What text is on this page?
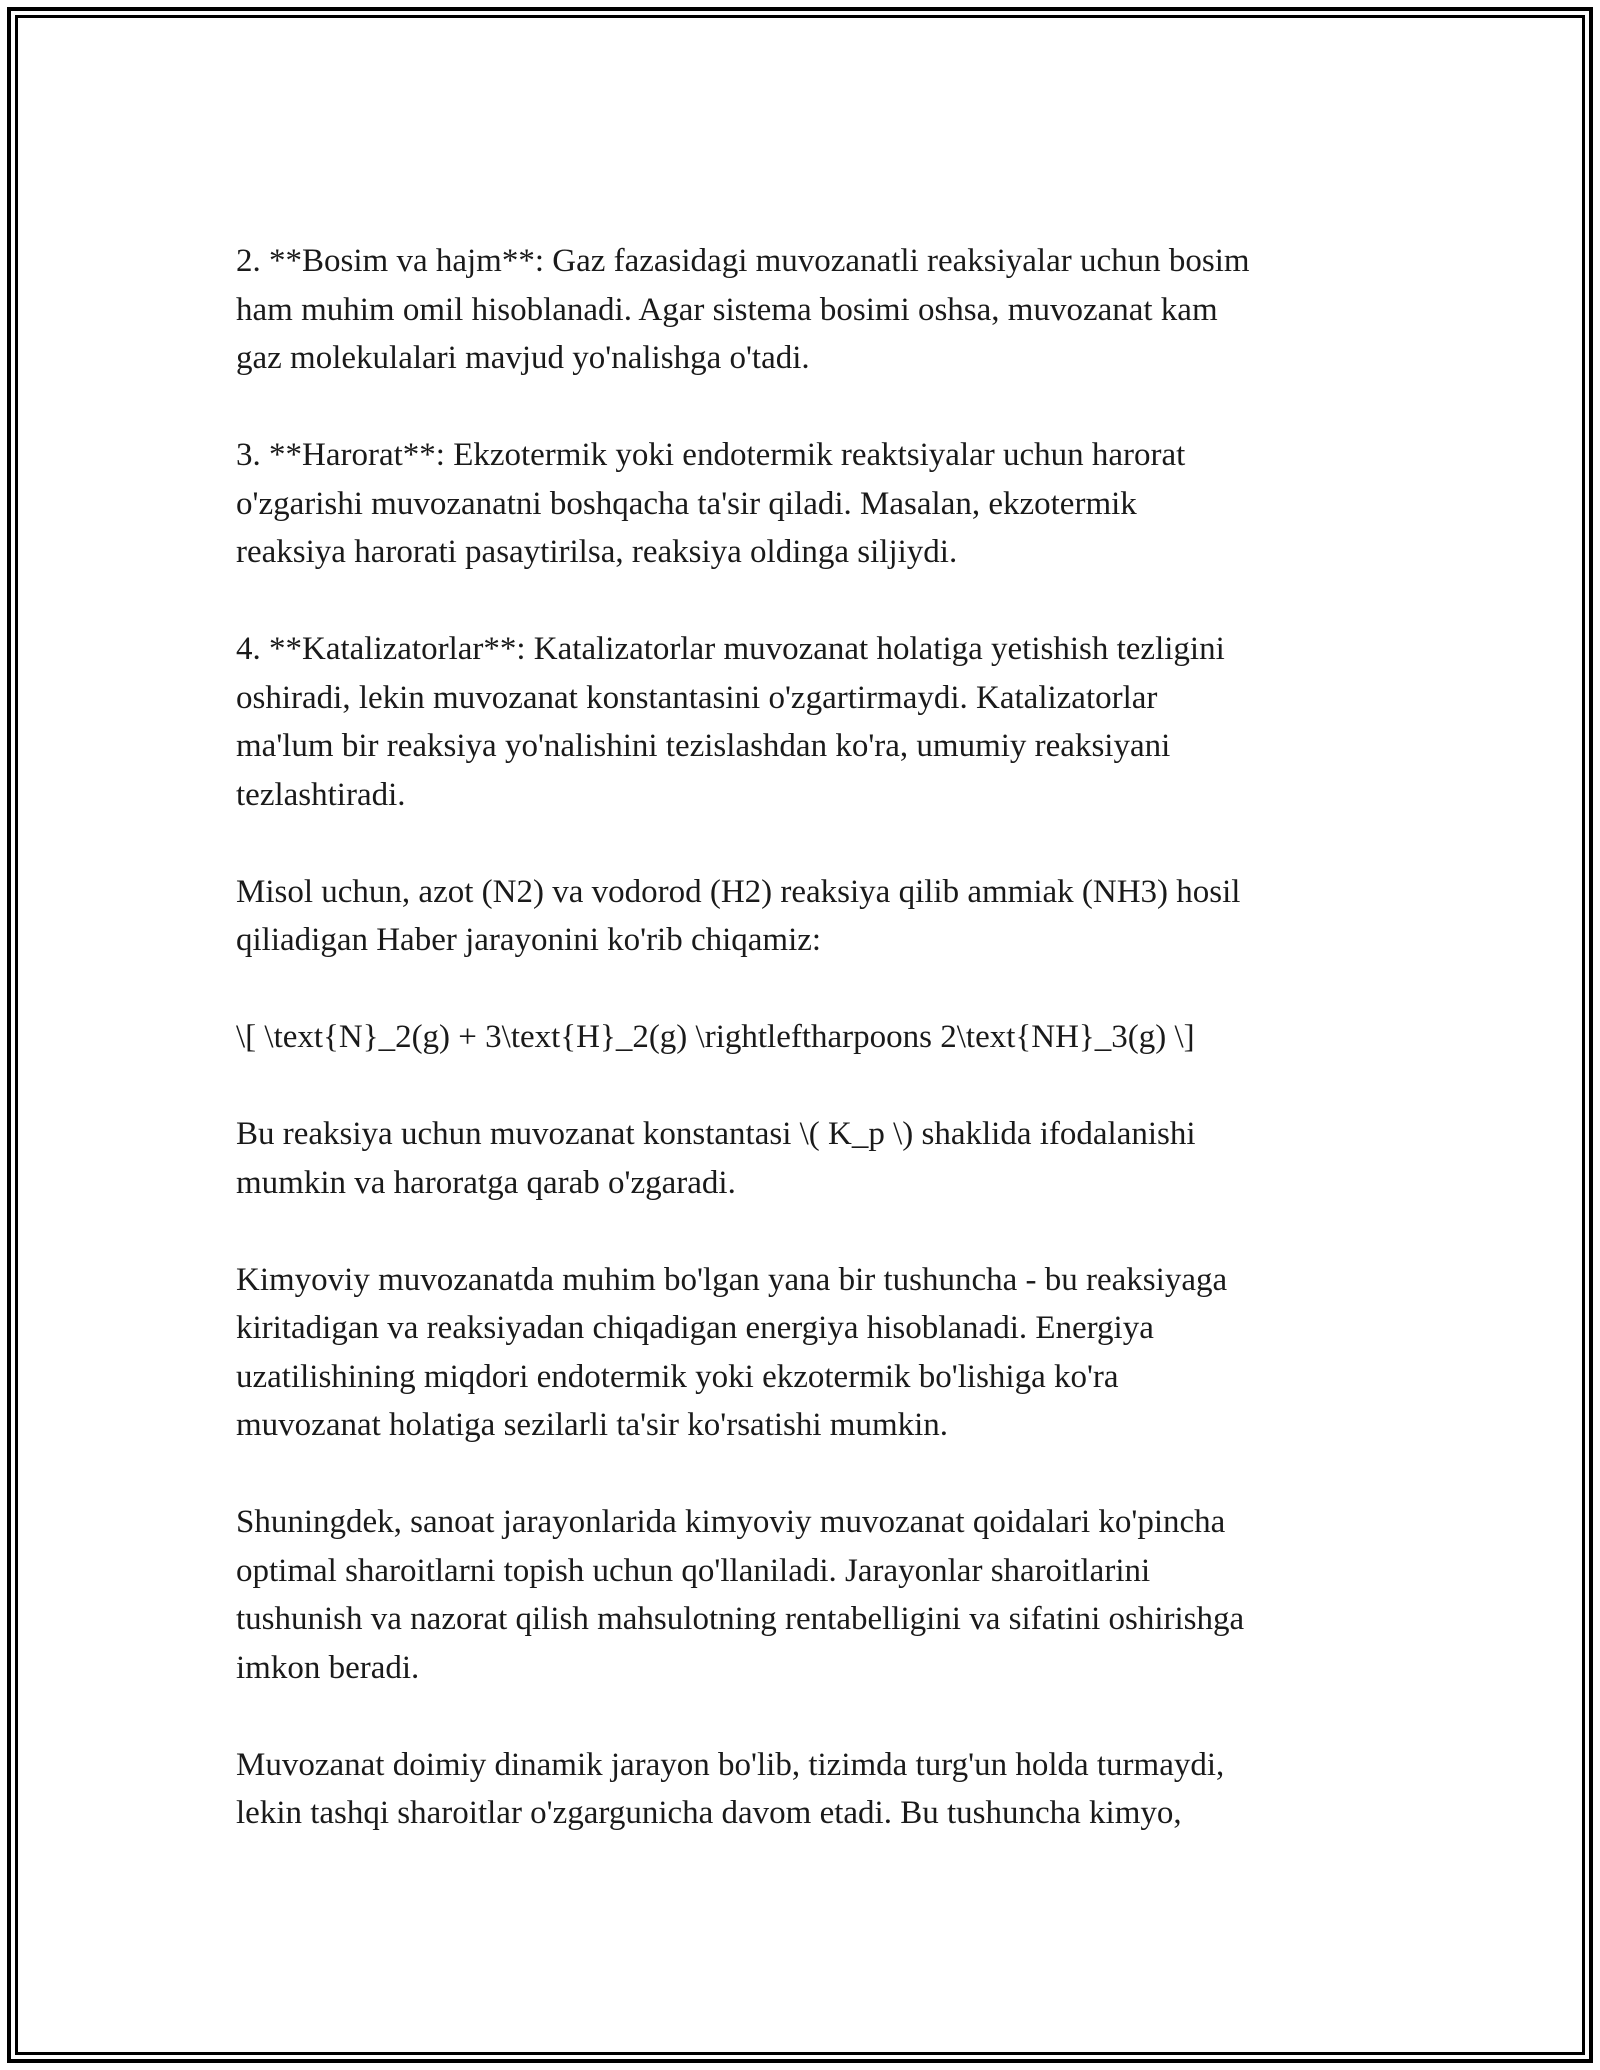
2. **Bosim va hajm**: Gaz fazasidagi muvozanatli reaksiyalar uchun bosim
ham muhim omil hisoblanadi. Agar sistema bosimi oshsa, muvozanat kam
gaz molekulalari mavjud yo'nalishga o'tadi.

3. **Harorat**: Ekzotermik yoki endotermik reaktsiyalar uchun harorat
o'zgarishi muvozanatni boshqacha ta'sir qiladi. Masalan, ekzotermik
reaksiya harorati pasaytirilsa, reaksiya oldinga siljiydi.

4. **Katalizatorlar**: Katalizatorlar muvozanat holatiga yetishish tezligini
oshiradi, lekin muvozanat konstantasini o'zgartirmaydi. Katalizatorlar
ma'lum bir reaksiya yo'nalishini tezislashdan ko'ra, umumiy reaksiyani
tezlashtiradi.

Misol uchun, azot (N2) va vodorod (H2) reaksiya qilib ammiak (NH3) hosil
qiliadigan Haber jarayonini ko'rib chiqamiz:

\[ \text{N}_2(g) + 3\text{H}_2(g) \rightleftharpoons 2\text{NH}_3(g) \]

Bu reaksiya uchun muvozanat konstantasi \( K_p \) shaklida ifodalanishi
mumkin va haroratga qarab o'zgaradi.

Kimyoviy muvozanatda muhim bo'lgan yana bir tushuncha - bu reaksiyaga
kiritadigan va reaksiyadan chiqadigan energiya hisoblanadi. Energiya
uzatilishining miqdori endotermik yoki ekzotermik bo'lishiga ko'ra
muvozanat holatiga sezilarli ta'sir ko'rsatishi mumkin.

Shuningdek, sanoat jarayonlarida kimyoviy muvozanat qoidalari ko'pincha
optimal sharoitlarni topish uchun qo'llaniladi. Jarayonlar sharoitlarini
tushunish va nazorat qilish mahsulotning rentabelligini va sifatini oshirishga
imkon beradi.

Muvozanat doimiy dinamik jarayon bo'lib, tizimda turg'un holda turmaydi,
lekin tashqi sharoitlar o'zgargunicha davom etadi. Bu tushuncha kimyo,
